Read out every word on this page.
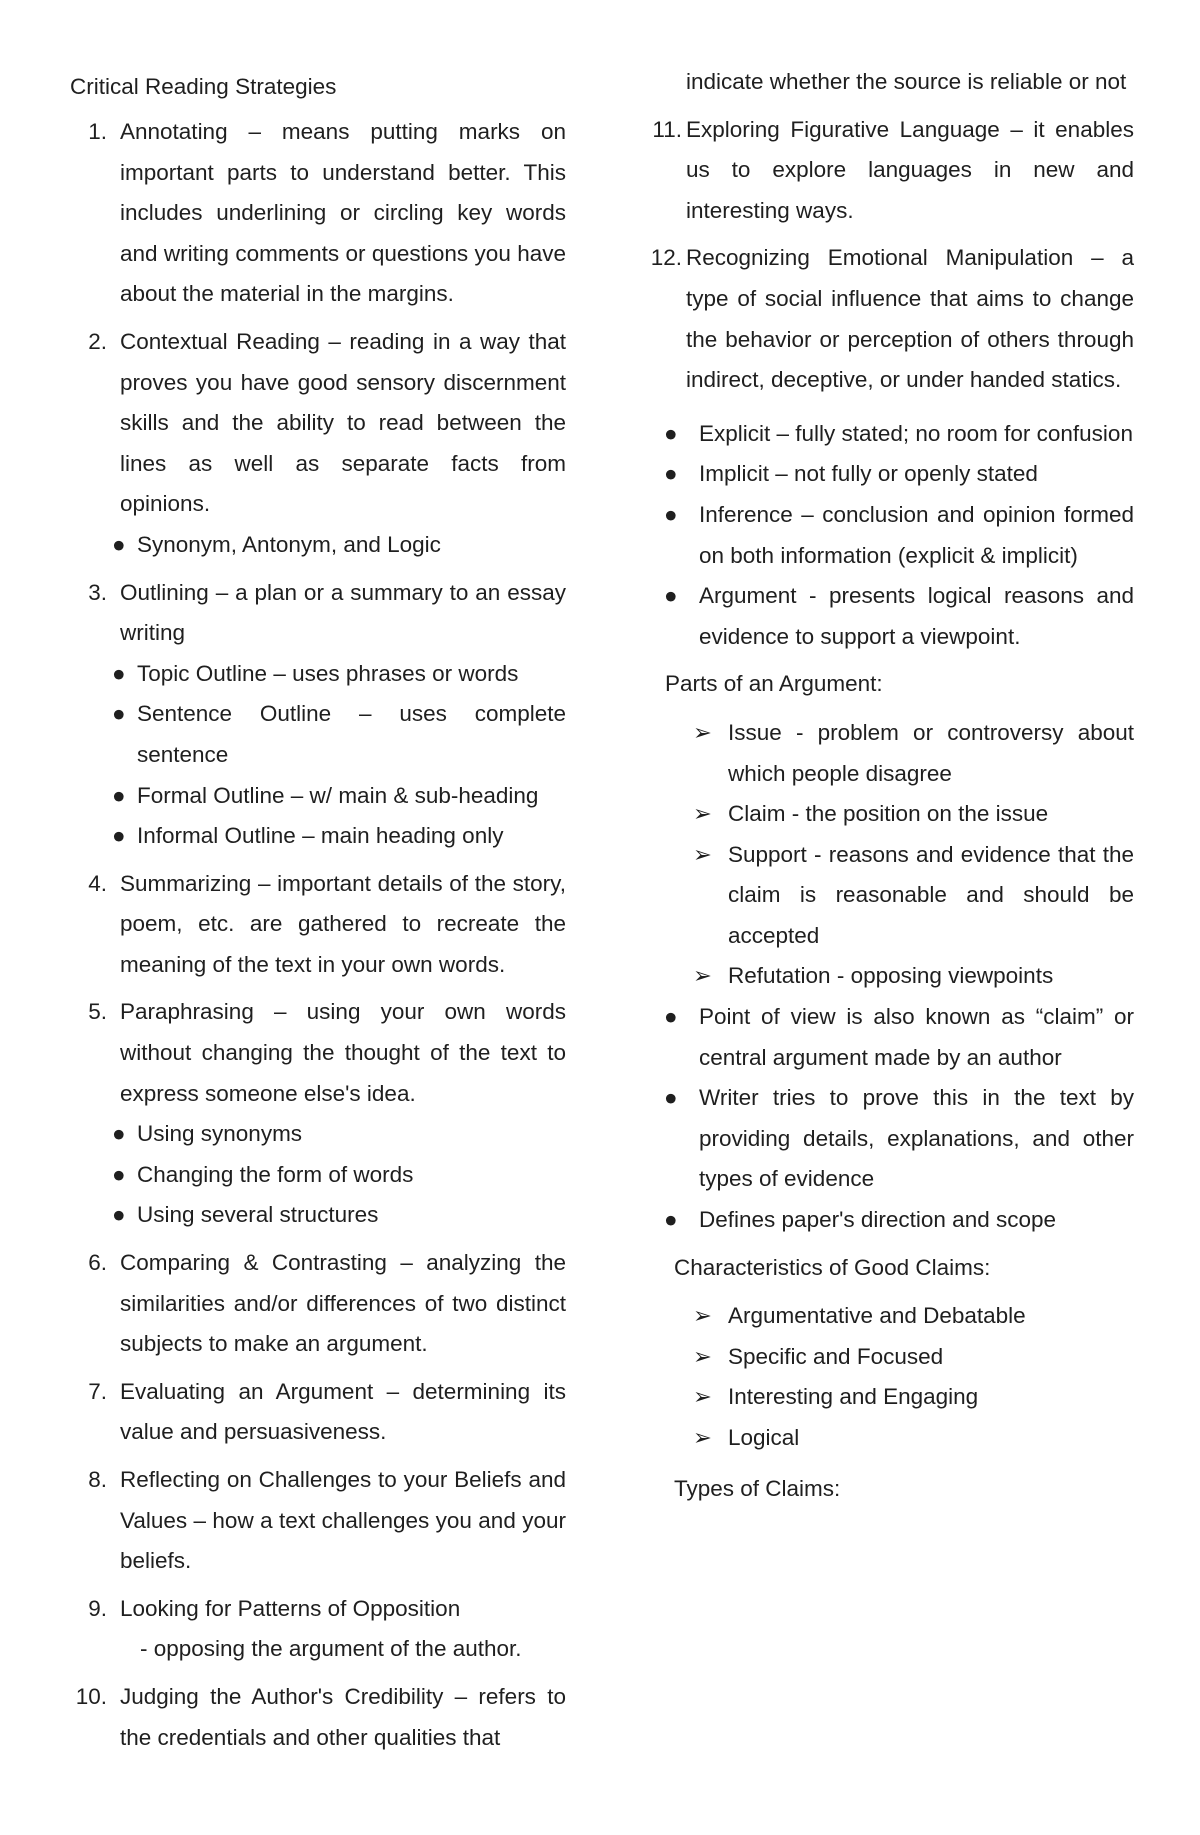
Critical Reading Strategies
1. Annotating – means putting marks on important parts to understand better. This includes underlining or circling key words and writing comments or questions you have about the material in the margins.
2. Contextual Reading – reading in a way that proves you have good sensory discernment skills and the ability to read between the lines as well as separate facts from opinions.
● Synonym, Antonym, and Logic
3. Outlining – a plan or a summary to an essay writing
● Topic Outline – uses phrases or words
● Sentence Outline – uses complete sentence
● Formal Outline – w/ main & sub-heading
● Informal Outline – main heading only
4. Summarizing – important details of the story, poem, etc. are gathered to recreate the meaning of the text in your own words.
5. Paraphrasing – using your own words without changing the thought of the text to express someone else's idea.
● Using synonyms
● Changing the form of words
● Using several structures
6. Comparing & Contrasting – analyzing the similarities and/or differences of two distinct subjects to make an argument.
7. Evaluating an Argument – determining its value and persuasiveness.
8. Reflecting on Challenges to your Beliefs and Values – how a text challenges you and your beliefs.
9. Looking for Patterns of Opposition
- opposing the argument of the author.
10. Judging the Author's Credibility – refers to the credentials and other qualities that
indicate whether the source is reliable or not
11. Exploring Figurative Language – it enables us to explore languages in new and interesting ways.
12. Recognizing Emotional Manipulation – a type of social influence that aims to change the behavior or perception of others through indirect, deceptive, or under handed statics.
● Explicit – fully stated; no room for confusion
● Implicit – not fully or openly stated
● Inference – conclusion and opinion formed on both information (explicit & implicit)
● Argument - presents logical reasons and evidence to support a viewpoint.
Parts of an Argument:
➢ Issue - problem or controversy about which people disagree
➢ Claim - the position on the issue
➢ Support - reasons and evidence that the claim is reasonable and should be accepted
➢ Refutation - opposing viewpoints
● Point of view is also known as “claim” or central argument made by an author
● Writer tries to prove this in the text by providing details, explanations, and other types of evidence
● Defines paper's direction and scope
Characteristics of Good Claims:
➢ Argumentative and Debatable
➢ Specific and Focused
➢ Interesting and Engaging
➢ Logical
Types of Claims:
